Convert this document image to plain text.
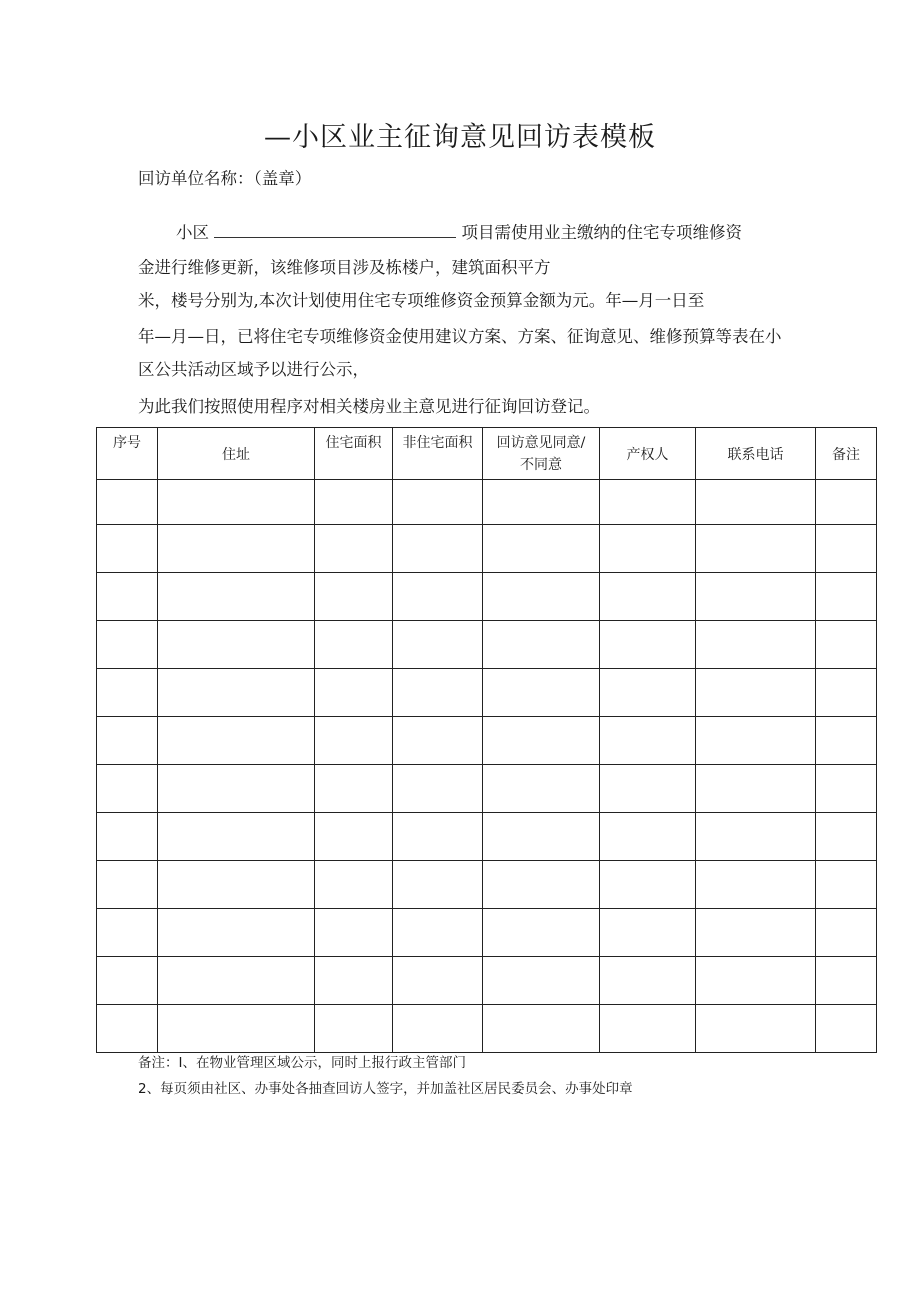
—小区业主征询意见回访表模板
回访单位名称：（盖章）
小区	项目需使用业主缴纳的住宅专项维修资
金进行维修更新，该维修项目涉及栋楼户，建筑面积平方
米，楼号分别为,本次计划使用住宅专项维修资金预算金额为元。年—月一日至
年—月—日，已将住宅专项维修资金使用建议方案、方案、征询意见、维修预算等表在小
区公共活动区域予以进行公示，
为此我们按照使用程序对相关楼房业主意见进行征询回访登记。
序号	住址	住宅面积	非住宅面积	回访意见同意/
不同意	产权人	联系电话	备注

备注：I、在物业管理区域公示，同时上报行政主管部门
2、每页须由社区、办事处各抽查回访人签字，并加盖社区居民委员会、办事处印章
